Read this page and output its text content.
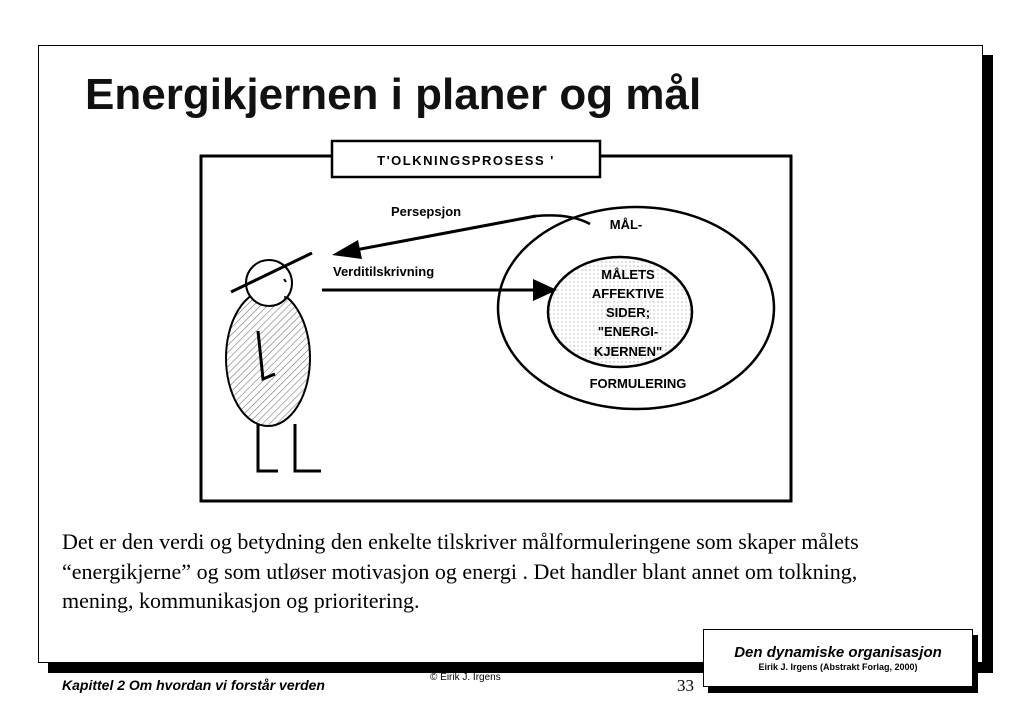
Energikjernen i planer og mål
T'OLKNINGSPROSESS '
MÅL-
FORMULERING
MÅLETS
AFFEKTIVE
SIDER;
"ENERGI-
KJERNEN"
Persepsjon
Verditilskrivning

Det er den verdi og betydning den enkelte tilskriver målformuleringene som skaper målets “energikjerne” og som utløser motivasjon og energi . Det handler blant annet om tolkning, mening, kommunikasjon og prioritering.

Kapittel 2 Om hvordan vi forstår verden	© Eirik J. Irgens	33
Den dynamiske organisasjon
Eirik J. Irgens (Abstrakt Forlag, 2000)
